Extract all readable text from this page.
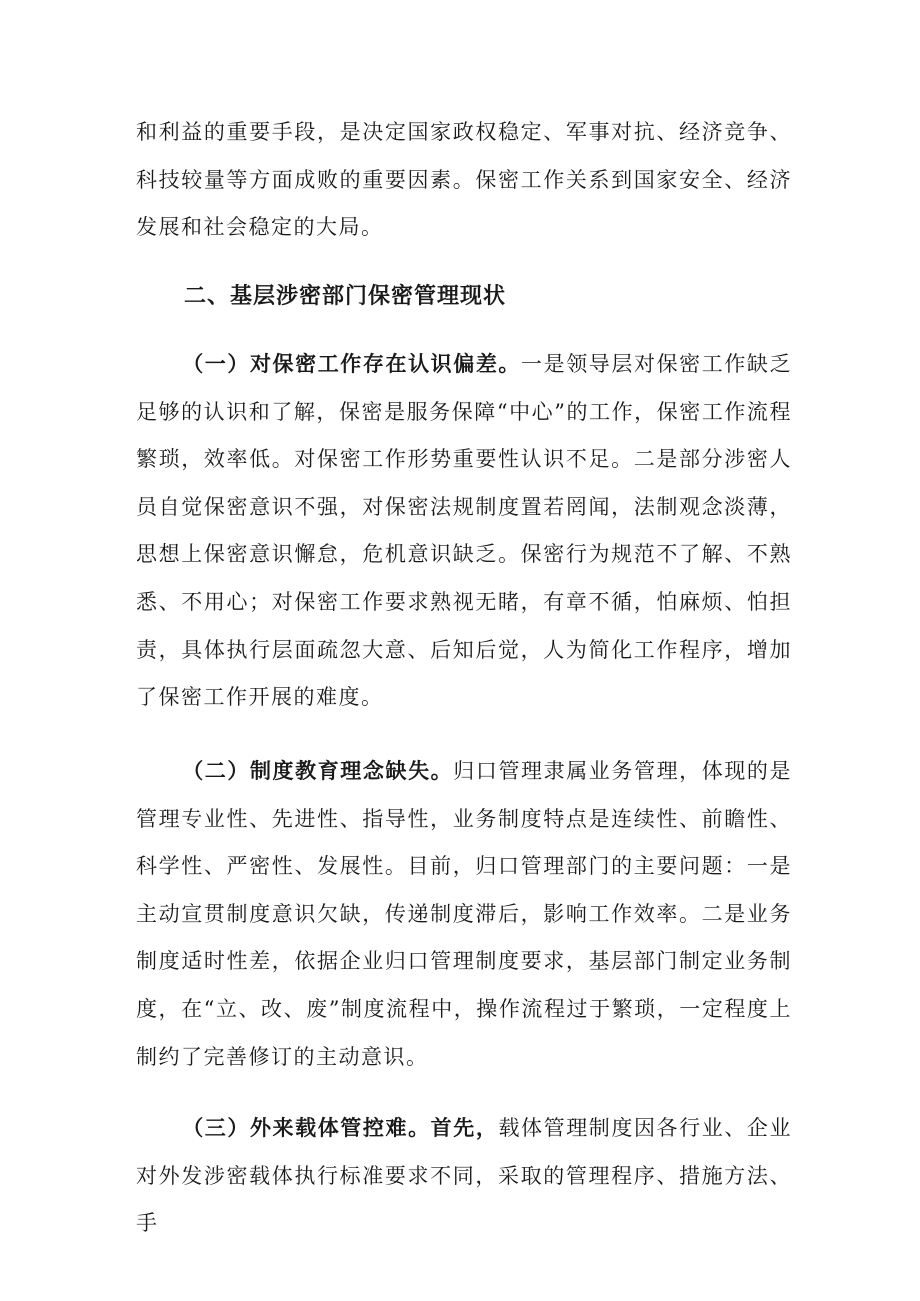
和利益的重要手段，是决定国家政权稳定、军事对抗、经济竞争、科技较量等方面成败的重要因素。保密工作关系到国家安全、经济发展和社会稳定的大局。

二、基层涉密部门保密管理现状

（一）对保密工作存在认识偏差。一是领导层对保密工作缺乏足够的认识和了解，保密是服务保障“中心”的工作，保密工作流程繁琐，效率低。对保密工作形势重要性认识不足。二是部分涉密人员自觉保密意识不强，对保密法规制度置若罔闻，法制观念淡薄，思想上保密意识懈怠，危机意识缺乏。保密行为规范不了解、不熟悉、不用心；对保密工作要求熟视无睹，有章不循，怕麻烦、怕担责，具体执行层面疏忽大意、后知后觉，人为简化工作程序，增加了保密工作开展的难度。

（二）制度教育理念缺失。归口管理隶属业务管理，体现的是管理专业性、先进性、指导性，业务制度特点是连续性、前瞻性、科学性、严密性、发展性。目前，归口管理部门的主要问题：一是主动宣贯制度意识欠缺，传递制度滞后，影响工作效率。二是业务制度适时性差，依据企业归口管理制度要求，基层部门制定业务制度，在“立、改、废”制度流程中，操作流程过于繁琐，一定程度上制约了完善修订的主动意识。

（三）外来载体管控难。首先，载体管理制度因各行业、企业对外发涉密载体执行标准要求不同，采取的管理程序、措施方法、手
